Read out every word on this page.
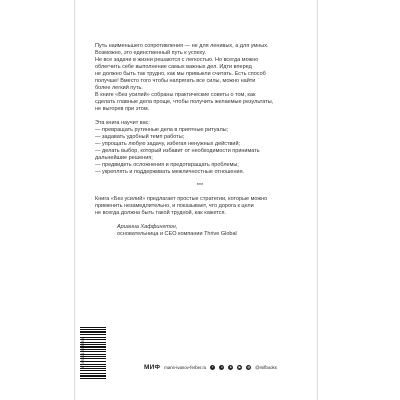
Путь наименьшего сопротивления — не для ленивых, а для умных.
Возможно, это единственный путь к успеху.
Не все задачи в жизни решаются с легкостью. Но всегда можно
облегчить себе выполнение самых важных дел. Идти вперед
не должно быть так трудно, как мы привыкли считать. Есть способ
получше! Вместо того чтобы напрягать все силы, можно найти
более легкий путь.
В книге «Без усилий» собраны практические советы о том, как
сделать главные дела проще, чтобы получить желаемые результаты,
не выгорев при этом.

Эта книга научит вас:
— превращать рутинные дела в приятные ритуалы;
— задавать удобный темп работы;
— упрощать любую задачу, избегая ненужных действий;
— делать выбор, который избавит от необходимости принимать
дальнейшие решения;
— предвидеть осложнения и предотвращать проблемы;
— укреплять и поддерживать межличностные отношения.

***

Книга «Без усилий» предлагает простые стратегии, которые можно
применить незамедлительно, и показывает, что дорога к цели
не всегда должна быть такой трудной, как кажется.

Арианна Хаффингтон,
основательница и CEO компании Thrive Global
9 785001 953759	МИФ mann-ivanov-ferber.ru	f	v	➤	▶	◎ @mifbooks
